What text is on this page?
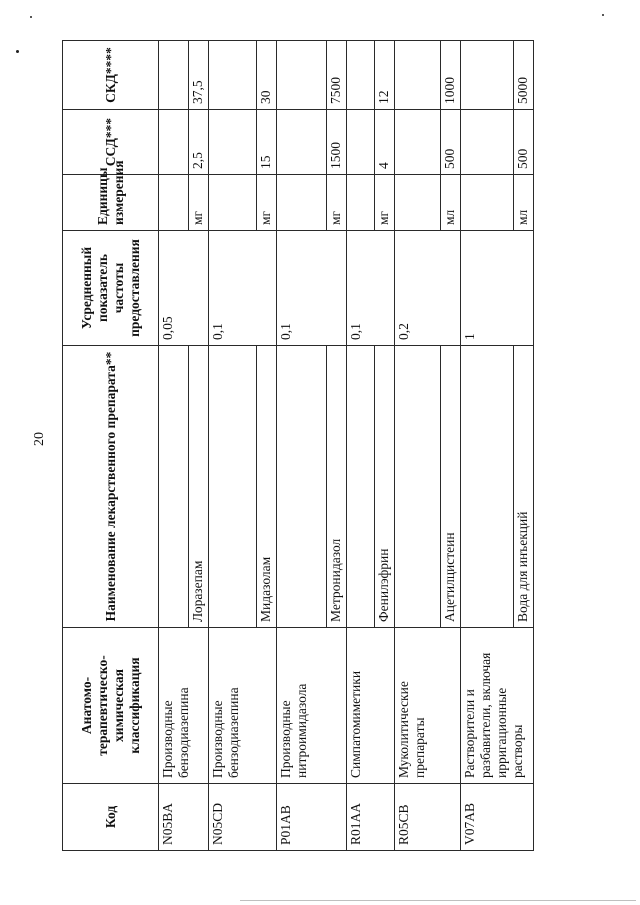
20
Код	Анатомо-терапевтическо-химическая классификация	Наименование лекарственного препарата**	Усредненный показатель частоты предоставления	Единицы измерения	ССД***	СКД****
N05BA	Производные бензодиазепина		0,05			
		Лоразепам		мг	2,5	37,5
N05CD	Производные бензодиазепина		0,1			
		Мидазолам		мг	15	30
P01AB	Производные нитроимидазола		0,1			
		Метронидазол		мг	1500	7500
R01AA	Симпатомиметики		0,1			
		Фенилэфрин		мг	4	12
R05CB	Муколитические препараты		0,2			
		Ацетилцистеин		мл	500	1000
V07AB	Растворители и разбавители, включая ирригационные растворы		1			
		Вода для инъекций		мл	500	5000
